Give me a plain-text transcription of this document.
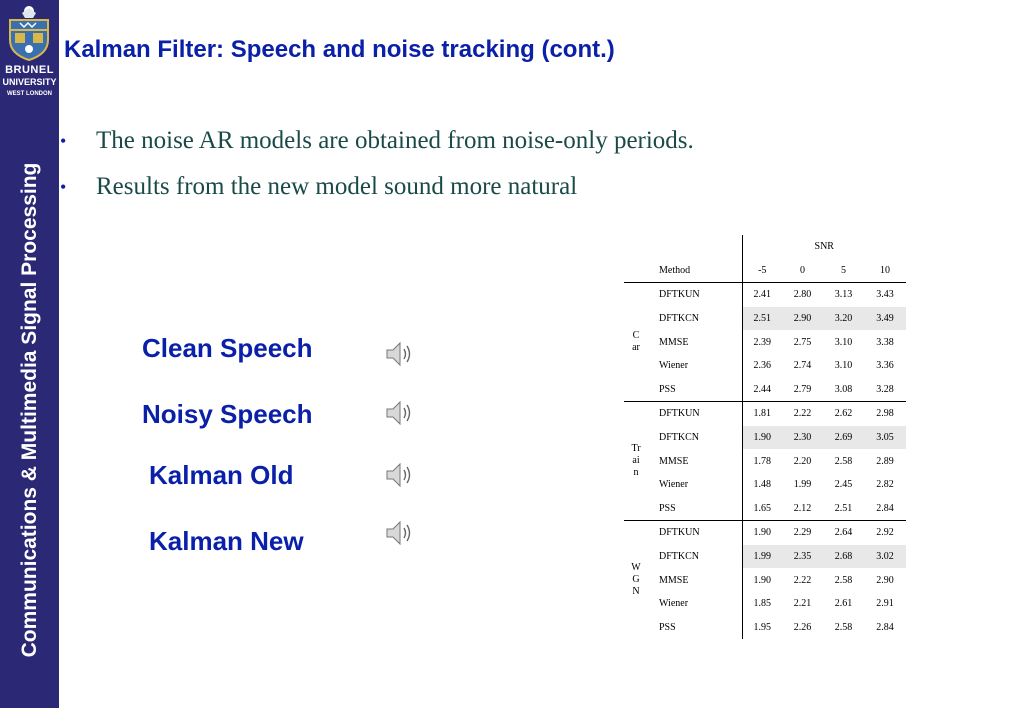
BRUNEL
UNIVERSITY
WEST LONDON
Communications & Multimedia Signal Processing
Kalman Filter: Speech and noise tracking (cont.)
• The noise AR models are obtained from noise-only periods.
• Results from the new model sound more natural
Clean Speech
Noisy Speech
Kalman Old
Kalman New
		SNR			
	Method	-5	0	5	10
Car	DFTKUN	2.41	2.80	3.13	3.43
	DFTKCN	2.51	2.90	3.20	3.49
	MMSE	2.39	2.75	3.10	3.38
	Wiener	2.36	2.74	3.10	3.36
	PSS	2.44	2.79	3.08	3.28
Train	DFTKUN	1.81	2.22	2.62	2.98
	DFTKCN	1.90	2.30	2.69	3.05
	MMSE	1.78	2.20	2.58	2.89
	Wiener	1.48	1.99	2.45	2.82
	PSS	1.65	2.12	2.51	2.84
WGN	DFTKUN	1.90	2.29	2.64	2.92
	DFTKCN	1.99	2.35	2.68	3.02
	MMSE	1.90	2.22	2.58	2.90
	Wiener	1.85	2.21	2.61	2.91
	PSS	1.95	2.26	2.58	2.84
